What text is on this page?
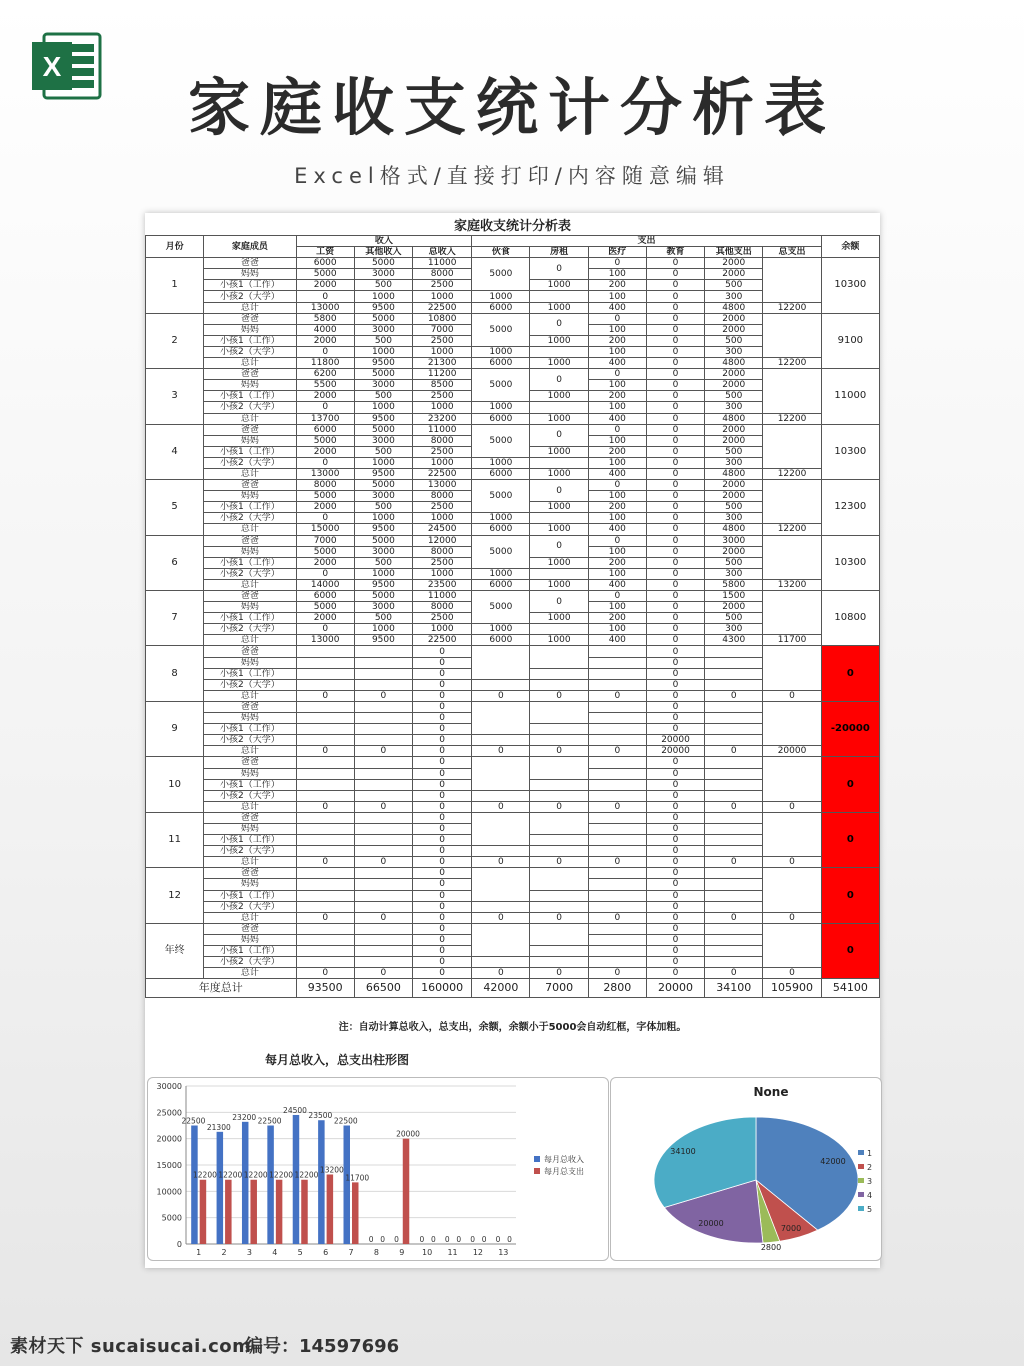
X
家庭收支统计分析表
Excel格式/直接打印/内容随意编辑
家庭收支统计分析表
月份	家庭成员	收入			支出						余额
		工资	其他收入	总收入	伙食	房租	医疗	教育	其他支出	总支出	
1	爸爸	6000	5000	11000	5000	0	0	0	2000		10300
	妈妈	5000	3000	8000			100	0	2000		
	小孩1（工作）	2000	500	2500		1000	200	0	500		
	小孩2（大学）	0	1000	1000	1000		100	0	300		
	总计	13000	9500	22500	6000	1000	400	0	4800	12200	
2	爸爸	5800	5000	10800	5000	0	0	0	2000		9100
	妈妈	4000	3000	7000			100	0	2000		
	小孩1（工作）	2000	500	2500		1000	200	0	500		
	小孩2（大学）	0	1000	1000	1000		100	0	300		
	总计	11800	9500	21300	6000	1000	400	0	4800	12200	
3	爸爸	6200	5000	11200	5000	0	0	0	2000		11000
	妈妈	5500	3000	8500			100	0	2000		
	小孩1（工作）	2000	500	2500		1000	200	0	500		
	小孩2（大学）	0	1000	1000	1000		100	0	300		
	总计	13700	9500	23200	6000	1000	400	0	4800	12200	
4	爸爸	6000	5000	11000	5000	0	0	0	2000		10300
	妈妈	5000	3000	8000			100	0	2000		
	小孩1（工作）	2000	500	2500		1000	200	0	500		
	小孩2（大学）	0	1000	1000	1000		100	0	300		
	总计	13000	9500	22500	6000	1000	400	0	4800	12200	
5	爸爸	8000	5000	13000	5000	0	0	0	2000		12300
	妈妈	5000	3000	8000			100	0	2000		
	小孩1（工作）	2000	500	2500		1000	200	0	500		
	小孩2（大学）	0	1000	1000	1000		100	0	300		
	总计	15000	9500	24500	6000	1000	400	0	4800	12200	
6	爸爸	7000	5000	12000	5000	0	0	0	3000		10300
	妈妈	5000	3000	8000			100	0	2000		
	小孩1（工作）	2000	500	2500		1000	200	0	500		
	小孩2（大学）	0	1000	1000	1000		100	0	300		
	总计	14000	9500	23500	6000	1000	400	0	5800	13200	
7	爸爸	6000	5000	11000	5000	0	0	0	1500		10800
	妈妈	5000	3000	8000			100	0	2000		
	小孩1（工作）	2000	500	2500		1000	200	0	500		
	小孩2（大学）	0	1000	1000	1000		100	0	300		
	总计	13000	9500	22500	6000	1000	400	0	4300	11700	
8	爸爸			0				0			0
	妈妈			0				0			
	小孩1（工作）			0				0			
	小孩2（大学）			0				0			
	总计	0	0	0	0	0	0	0	0	0	
9	爸爸			0				0			-20000
	妈妈			0				0			
	小孩1（工作）			0				0			
	小孩2（大学）			0				20000			
	总计	0	0	0	0	0	0	20000	0	20000	
10	爸爸			0				0			0
	妈妈			0				0			
	小孩1（工作）			0				0			
	小孩2（大学）			0				0			
	总计	0	0	0	0	0	0	0	0	0	
11	爸爸			0				0			0
	妈妈			0				0			
	小孩1（工作）			0				0			
	小孩2（大学）			0				0			
	总计	0	0	0	0	0	0	0	0	0	
12	爸爸			0				0			0
	妈妈			0				0			
	小孩1（工作）			0				0			
	小孩2（大学）			0				0			
	总计	0	0	0	0	0	0	0	0	0	
年终	爸爸			0				0			0
	妈妈			0				0			
	小孩1（工作）			0				0			
	小孩2（大学）			0				0			
	总计	0	0	0	0	0	0	0	0	0	
年度总计		93500	66500	160000	42000	7000	2800	20000	34100	105900	54100
注：自动计算总收入，总支出，余额，余额小于5000会自动红框，字体加粗。
每月总收入，总支出柱形图
0
5000
10000
15000
20000
25000
30000
1
22500
12200
2
21300
12200
3
23200
12200
4
22500
12200
5
24500
12200
6
23500
13200
7
22500
11700
8
0 0
9
0
20000
10
0 0
11
0 0
12
0 0
13
0 0
每月总收入
每月总支出
None
42000
7000
2800
20000
34100	1
2
3
4
5
素材天下 sucaisucai.com
编号：14597696
